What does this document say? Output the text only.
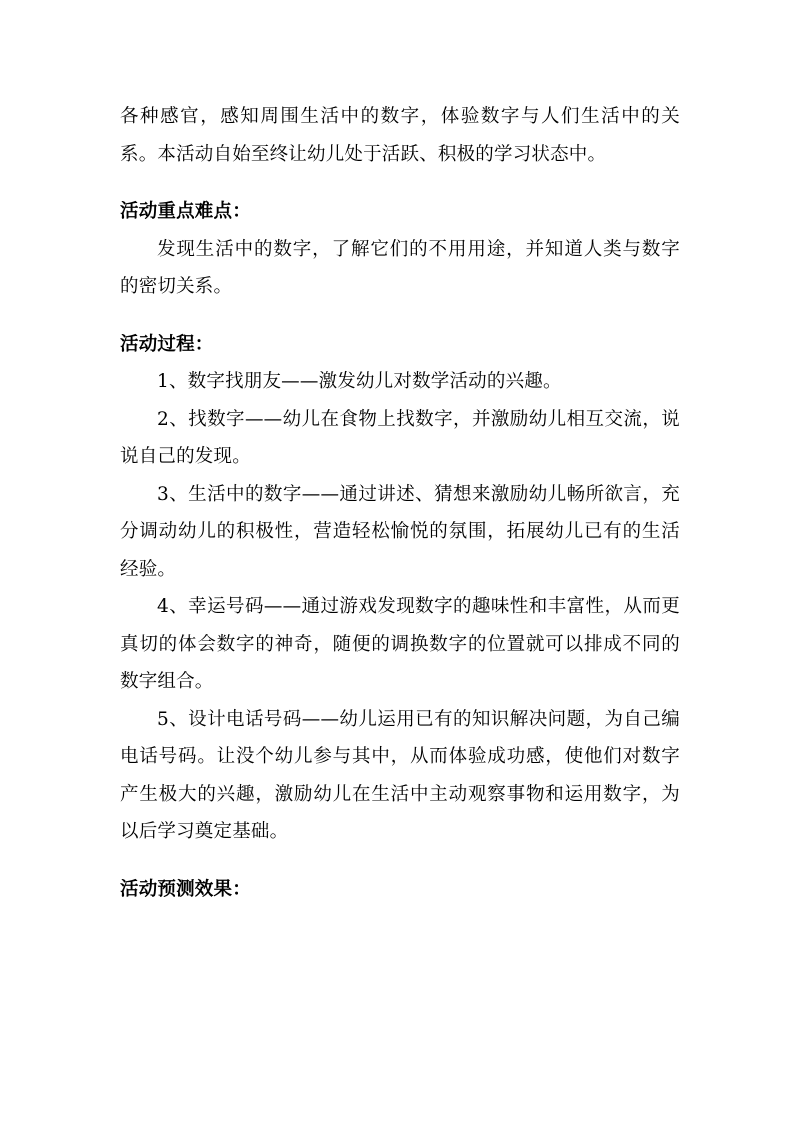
各种感官，感知周围生活中的数字，体验数字与人们生活中的关系。本活动自始至终让幼儿处于活跃、积极的学习状态中。

活动重点难点：

发现生活中的数字，了解它们的不用用途，并知道人类与数字的密切关系。

活动过程：

1、数字找朋友——激发幼儿对数学活动的兴趣。

2、找数字——幼儿在食物上找数字，并激励幼儿相互交流，说说自己的发现。

3、生活中的数字——通过讲述、猜想来激励幼儿畅所欲言，充分调动幼儿的积极性，营造轻松愉悦的氛围，拓展幼儿已有的生活经验。

4、幸运号码——通过游戏发现数字的趣味性和丰富性，从而更真切的体会数字的神奇，随便的调换数字的位置就可以排成不同的数字组合。

5、设计电话号码——幼儿运用已有的知识解决问题，为自己编电话号码。让没个幼儿参与其中，从而体验成功感，使他们对数字产生极大的兴趣，激励幼儿在生活中主动观察事物和运用数字，为以后学习奠定基础。

活动预测效果：
